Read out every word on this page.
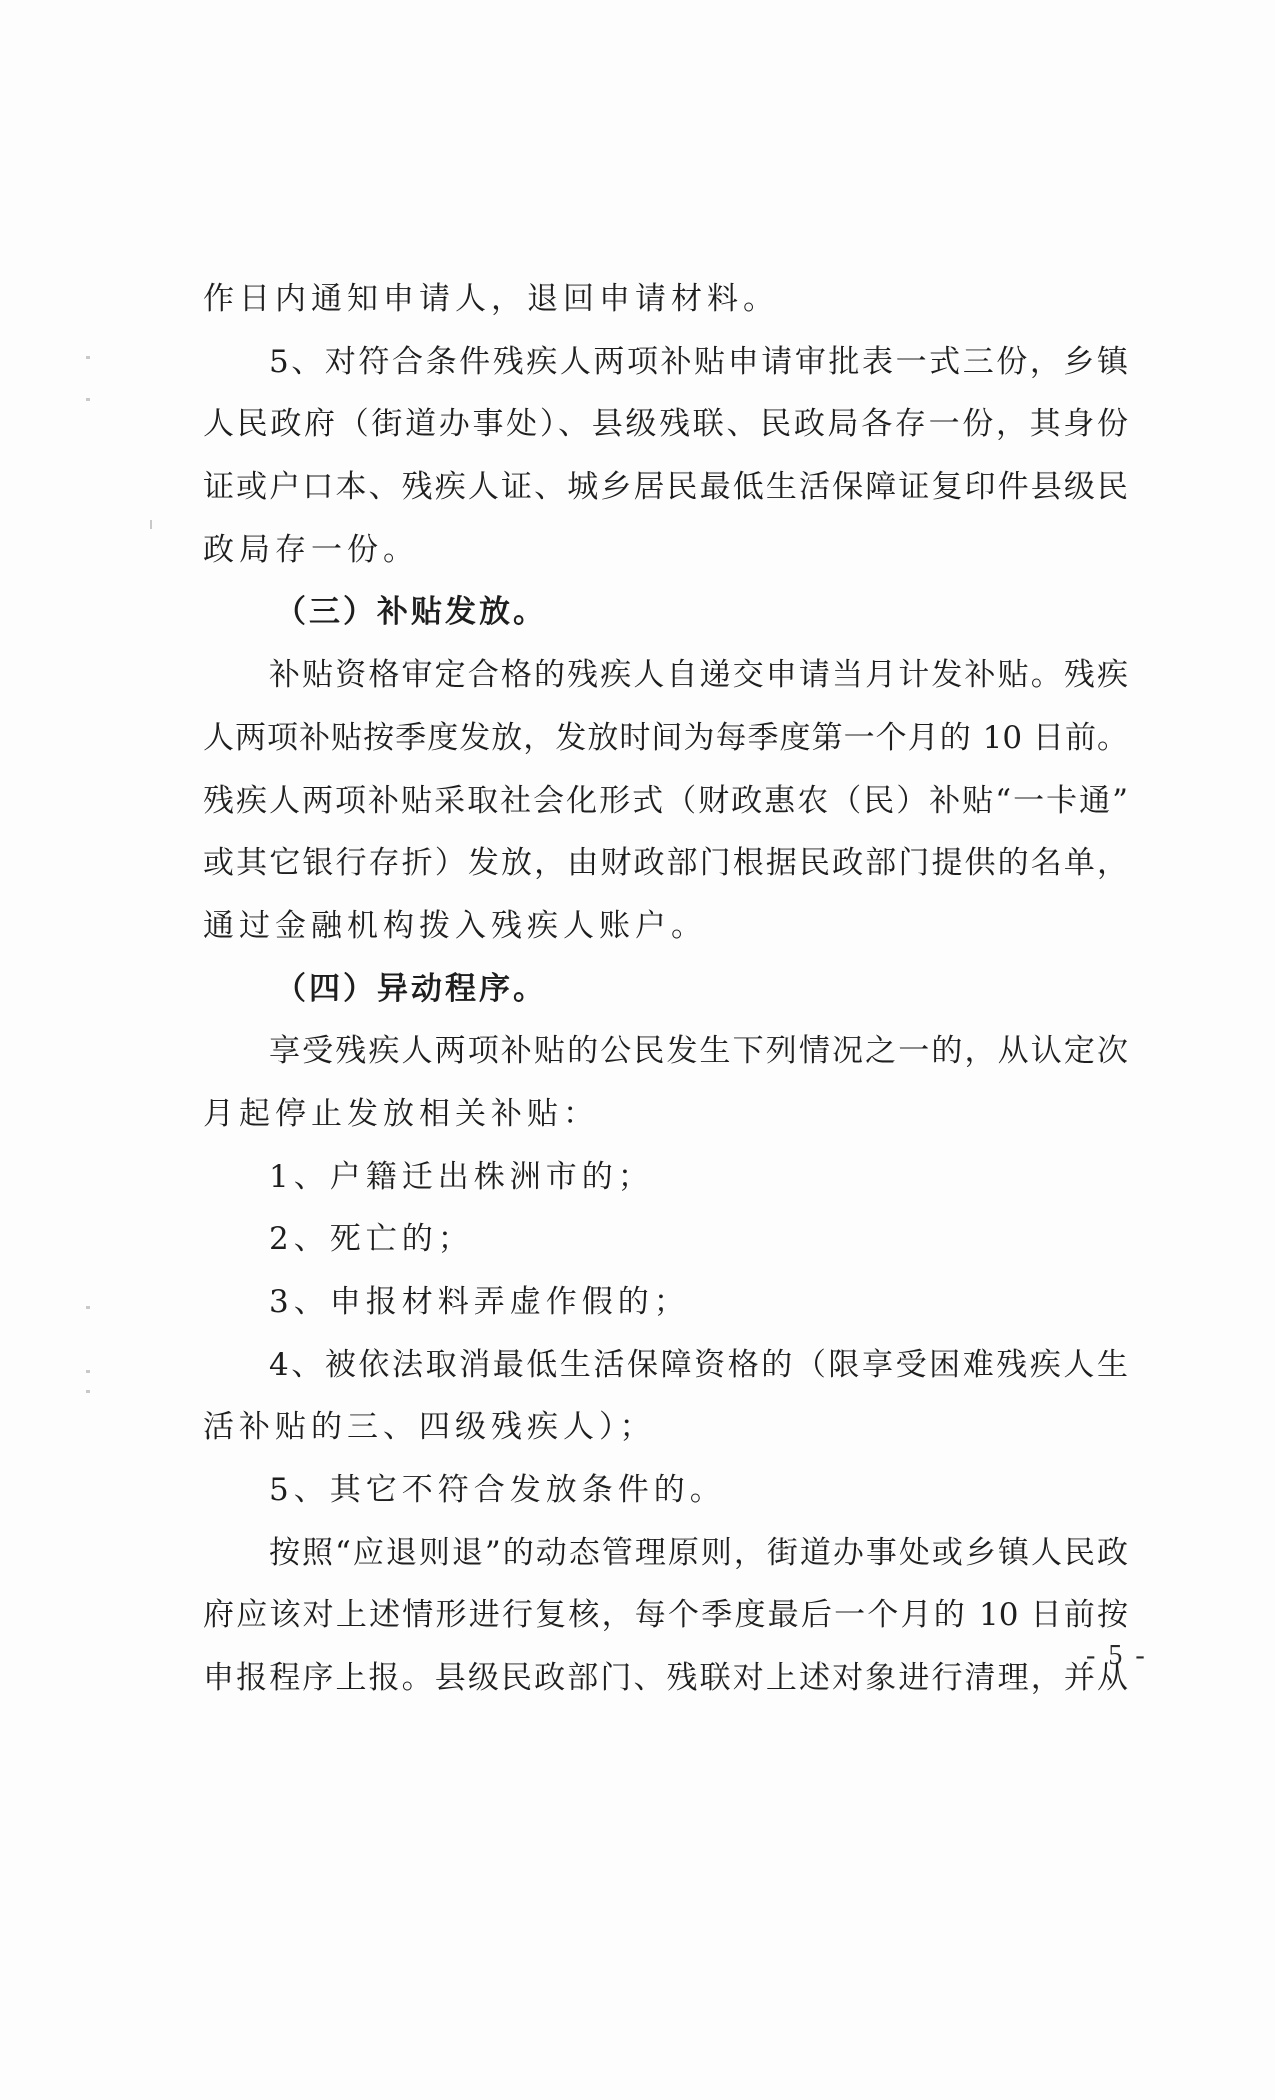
作日内通知申请人，退回申请材料。
5、对符合条件残疾人两项补贴申请审批表一式三份，乡镇
人民政府（街道办事处）、县级残联、民政局各存一份，其身份
证或户口本、残疾人证、城乡居民最低生活保障证复印件县级民
政局存一份。
（三）补贴发放。
补贴资格审定合格的残疾人自递交申请当月计发补贴。残疾
人两项补贴按季度发放，发放时间为每季度第一个月的 10 日前。
残疾人两项补贴采取社会化形式（财政惠农（民）补贴“一卡通”
或其它银行存折）发放，由财政部门根据民政部门提供的名单，
通过金融机构拨入残疾人账户。
（四）异动程序。
享受残疾人两项补贴的公民发生下列情况之一的，从认定次
月起停止发放相关补贴：
1、户籍迁出株洲市的；
2、死亡的；
3、申报材料弄虚作假的；
4、被依法取消最低生活保障资格的（限享受困难残疾人生
活补贴的三、四级残疾人）；
5、其它不符合发放条件的。
按照“应退则退”的动态管理原则，街道办事处或乡镇人民政
府应该对上述情形进行复核，每个季度最后一个月的 10 日前按
申报程序上报。县级民政部门、残联对上述对象进行清理，并从
- 5 -
